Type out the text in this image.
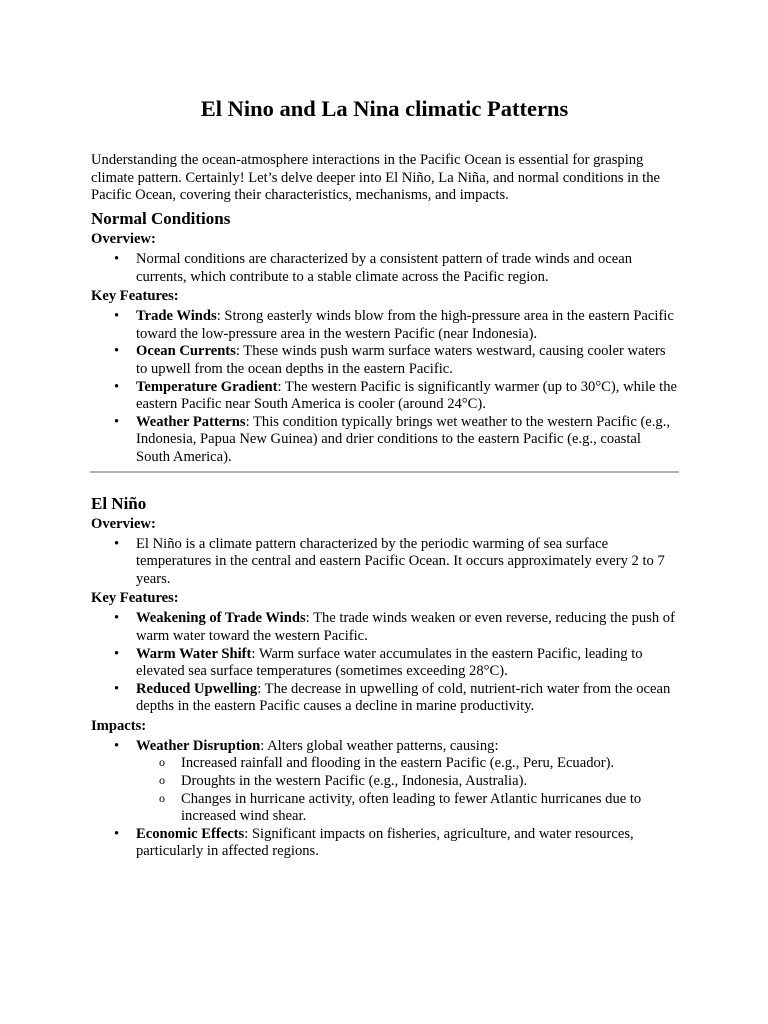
El Nino and La Nina climatic Patterns

Understanding the ocean-atmosphere interactions in the Pacific Ocean is essential for grasping climate pattern. Certainly! Let’s delve deeper into El Niño, La Niña, and normal conditions in the Pacific Ocean, covering their characteristics, mechanisms, and impacts.

Normal Conditions

Overview:

• Normal conditions are characterized by a consistent pattern of trade winds and ocean currents, which contribute to a stable climate across the Pacific region.

Key Features:

• Trade Winds: Strong easterly winds blow from the high-pressure area in the eastern Pacific toward the low-pressure area in the western Pacific (near Indonesia).
• Ocean Currents: These winds push warm surface waters westward, causing cooler waters to upwell from the ocean depths in the eastern Pacific.
• Temperature Gradient: The western Pacific is significantly warmer (up to 30°C), while the eastern Pacific near South America is cooler (around 24°C).
• Weather Patterns: This condition typically brings wet weather to the western Pacific (e.g., Indonesia, Papua New Guinea) and drier conditions to the eastern Pacific (e.g., coastal South America).
El Niño

Overview:

• El Niño is a climate pattern characterized by the periodic warming of sea surface temperatures in the central and eastern Pacific Ocean. It occurs approximately every 2 to 7 years.

Key Features:

• Weakening of Trade Winds: The trade winds weaken or even reverse, reducing the push of warm water toward the western Pacific.
• Warm Water Shift: Warm surface water accumulates in the eastern Pacific, leading to elevated sea surface temperatures (sometimes exceeding 28°C).
• Reduced Upwelling: The decrease in upwelling of cold, nutrient-rich water from the ocean depths in the eastern Pacific causes a decline in marine productivity.

Impacts:

• Weather Disruption: Alters global weather patterns, causing:
o Increased rainfall and flooding in the eastern Pacific (e.g., Peru, Ecuador).
o Droughts in the western Pacific (e.g., Indonesia, Australia).
o Changes in hurricane activity, often leading to fewer Atlantic hurricanes due to increased wind shear.
• Economic Effects: Significant impacts on fisheries, agriculture, and water resources, particularly in affected regions.
